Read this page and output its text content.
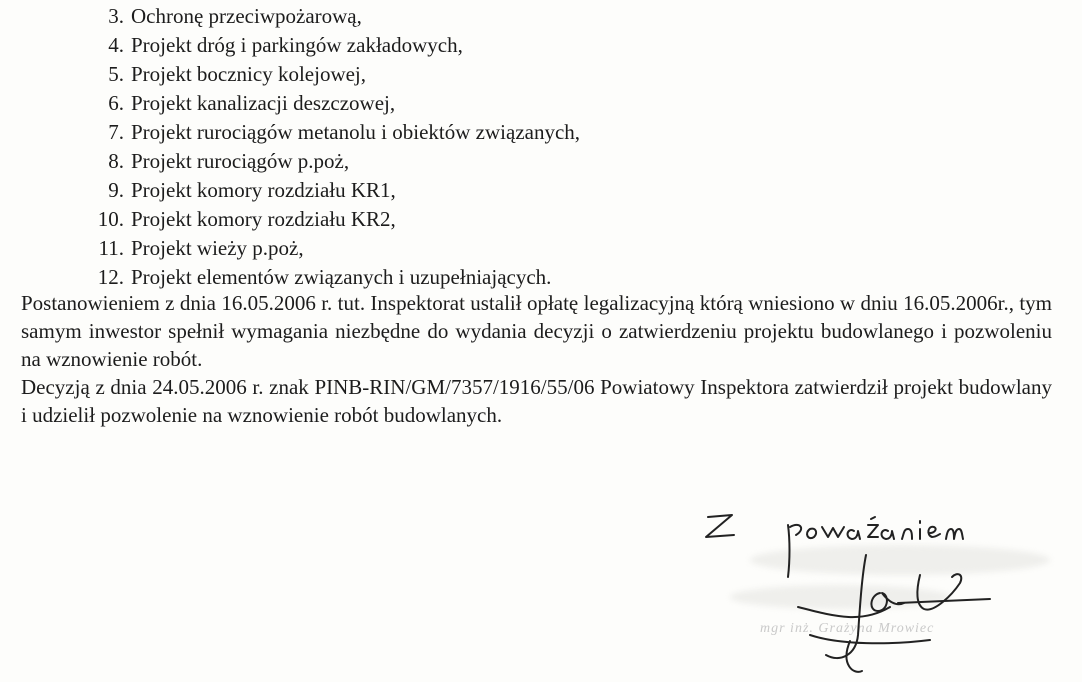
3. Ochronę przeciwpożarową,
4. Projekt dróg i parkingów zakładowych,
5. Projekt bocznicy kolejowej,
6. Projekt kanalizacji deszczowej,
7. Projekt rurociągów metanolu i obiektów związanych,
8. Projekt rurociągów p.poż,
9. Projekt komory rozdziału KR1,
10. Projekt komory rozdziału KR2,
11. Projekt wieży p.poż,
12. Projekt elementów związanych i uzupełniających.

Postanowieniem z dnia 16.05.2006 r. tut. Inspektorat ustalił opłatę legalizacyjną którą wniesiono w dniu 16.05.2006r., tym samym inwestor spełnił wymagania niezbędne do wydania decyzji o zatwierdzeniu projektu budowlanego i pozwoleniu na wznowienie robót.

Decyzją z dnia 24.05.2006 r. znak PINB-RIN/GM/7357/1916/55/06 Powiatowy Inspektora zatwierdził projekt budowlany i udzielił pozwolenie na wznowienie robót budowlanych.

mgr inż. Grażyna Mrowiec
